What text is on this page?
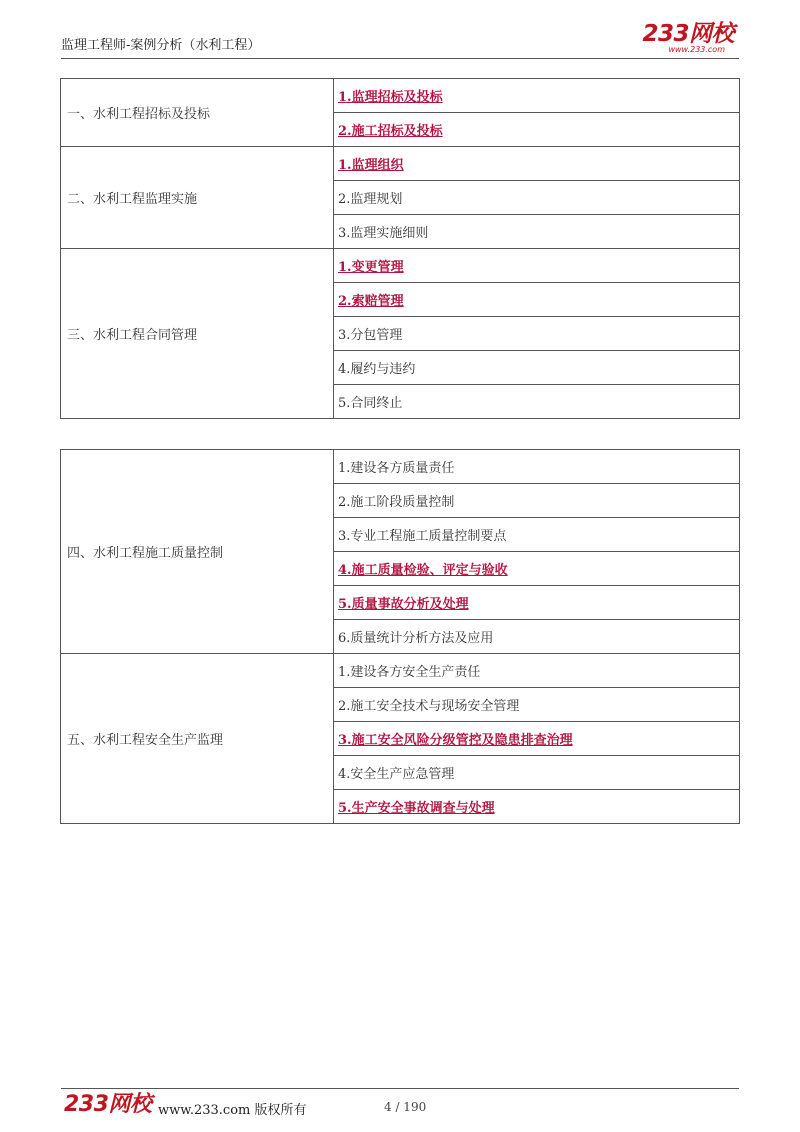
监理工程师-案例分析（水利工程）	233网校
www.233.com
一、水利工程招标及投标	1.监理招标及投标
	2.施工招标及投标
二、水利工程监理实施	1.监理组织
	2.监理规划
	3.监理实施细则
三、水利工程合同管理	1.变更管理
	2.索赔管理
	3.分包管理
	4.履约与违约
	5.合同终止
四、水利工程施工质量控制	1.建设各方质量责任
	2.施工阶段质量控制
	3.专业工程施工质量控制要点
	4.施工质量检验、评定与验收
	5.质量事故分析及处理
	6.质量统计分析方法及应用
五、水利工程安全生产监理	1.建设各方安全生产责任
	2.施工安全技术与现场安全管理
	3.施工安全风险分级管控及隐患排查治理
	4.安全生产应急管理
	5.生产安全事故调查与处理
233网校 www.233.com 版权所有	4 / 190
